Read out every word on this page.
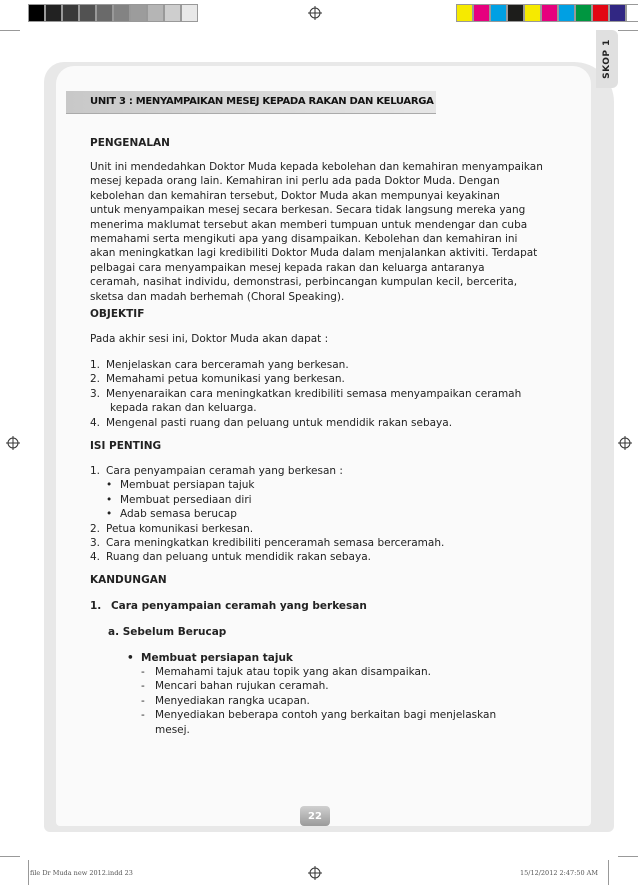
SKOP 1
UNIT 3 : MENYAMPAIKAN MESEJ KEPADA RAKAN DAN KELUARGA
PENGENALAN

Unit ini mendedahkan Doktor Muda kepada kebolehan dan kemahiran menyampaikan

mesej kepada orang lain. Kemahiran ini perlu ada pada Doktor Muda. Dengan

kebolehan dan kemahiran tersebut, Doktor Muda akan mempunyai keyakinan

untuk menyampaikan mesej secara berkesan. Secara tidak langsung mereka yang

menerima maklumat tersebut akan memberi tumpuan untuk mendengar dan cuba

memahami serta mengikuti apa yang disampaikan. Kebolehan dan kemahiran ini

akan meningkatkan lagi kredibiliti Doktor Muda dalam menjalankan aktiviti. Terdapat

pelbagai cara menyampaikan mesej kepada rakan dan keluarga antaranya

ceramah, nasihat individu, demonstrasi, perbincangan kumpulan kecil, bercerita,

sketsa dan madah berhemah (Choral Speaking).

OBJEKTIF
Pada akhir sesi ini, Doktor Muda akan dapat :
1. Menjelaskan cara berceramah yang berkesan.
2. Memahami petua komunikasi yang berkesan.
3. Menyenaraikan cara meningkatkan kredibiliti semasa menyampaikan ceramah
kepada rakan dan keluarga.
4. Mengenal pasti ruang dan peluang untuk mendidik rakan sebaya.
ISI PENTING
1. Cara penyampaian ceramah yang berkesan :
• Membuat persiapan tajuk
• Membuat persediaan diri
• Adab semasa berucap
2. Petua komunikasi berkesan.
3. Cara meningkatkan kredibiliti penceramah semasa berceramah.
4. Ruang dan peluang untuk mendidik rakan sebaya.
KANDUNGAN
1. Cara penyampaian ceramah yang berkesan
a. Sebelum Berucap
• Membuat persiapan tajuk
- Memahami tajuk atau topik yang akan disampaikan.
- Mencari bahan rujukan ceramah.
- Menyediakan rangka ucapan.
- Menyediakan beberapa contoh yang berkaitan bagi menjelaskan
mesej.
22
file Dr Muda new 2012.indd 23	15/12/2012 2:47:50 AM
